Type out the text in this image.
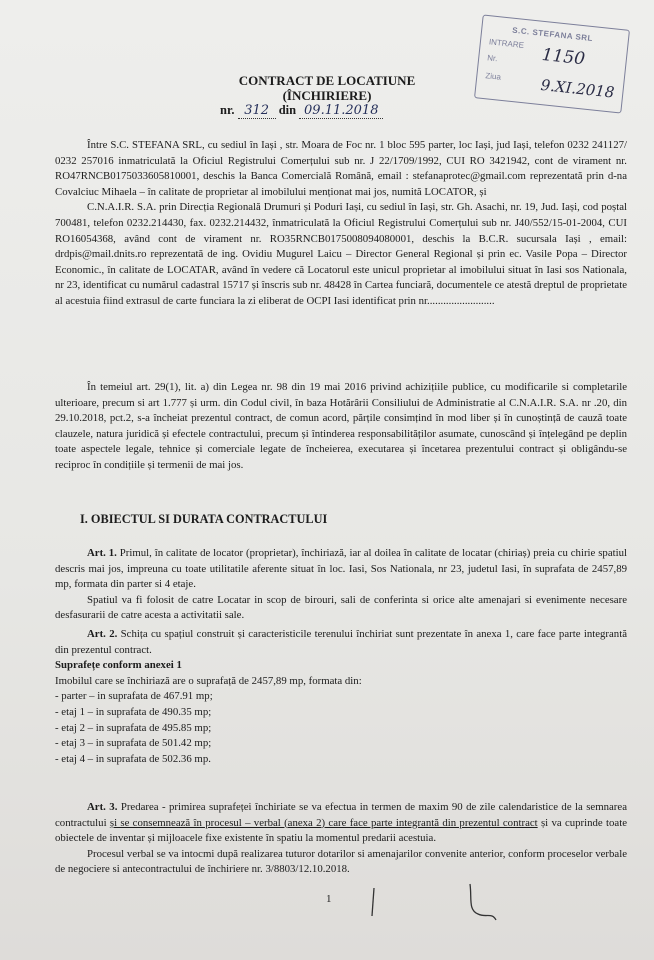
S.C. STEFANA SRL
INTRARE
Nr.
Ziua
1150
9.XI.2018
CONTRACT DE LOCATIUNE
(ÎNCHIRIERE)
nr. 312 din 09.11.2018

Între S.C. STEFANA SRL, cu sediul în Iași , str. Moara de Foc nr. 1 bloc 595 parter, loc Iași, jud Iași, telefon 0232 241127/ 0232 257016 inmatriculată la Oficiul Registrului Comerțului sub nr. J 22/1709/1992, CUI RO 3421942, cont de virament nr. RO47RNCB0175033605810001, deschis la Banca Comercială Română, email : stefanaprotec@gmail.com reprezentată prin d-na Covalciuc Mihaela – în calitate de proprietar al imobilului menționat mai jos, numită LOCATOR, și

C.N.A.I.R. S.A. prin Direcția Regională Drumuri și Poduri Iași, cu sediul în Iași, str. Gh. Asachi, nr. 19, Jud. Iași, cod poștal 700481, telefon 0232.214430, fax. 0232.214432, înmatriculată la Oficiul Registrului Comerțului sub nr. J40/552/15-01-2004, CUI RO16054368, având cont de virament nr. RO35RNCB0175008094080001, deschis la B.C.R. sucursala Iași , email: drdpis@mail.dnits.ro reprezentată de ing. Ovidiu Mugurel Laicu – Director General Regional și prin ec. Vasile Popa – Director Economic., în calitate de LOCATAR, având în vedere că Locatorul este unicul proprietar al imobilului situat în Iasi sos Nationala, nr 23, identificat cu numărul cadastral 15717 și înscris sub nr. 48428 în Cartea funciară, documentele ce atestă dreptul de proprietate al acestuia fiind extrasul de carte funciara la zi eliberat de OCPI Iasi identificat prin nr.........................

În temeiul art. 29(1), lit. a) din Legea nr. 98 din 19 mai 2016 privind achizițiile publice, cu modificarile si completarile ulterioare, precum si art 1.777 și urm. din Codul civil, în baza Hotărârii Consiliului de Administratie al C.N.A.I.R. S.A. nr .20, din 29.10.2018, pct.2, s-a încheiat prezentul contract, de comun acord, părțile consimțind în mod liber și în cunoștință de cauză toate clauzele, natura juridică și efectele contractului, precum și întinderea responsabilităților asumate, cunoscând și înțelegând pe deplin toate aspectele legale, tehnice și comerciale legate de încheierea, executarea și încetarea prezentului contract și obligându-se reciproc în condițiile și termenii de mai jos.

I. OBIECTUL SI DURATA CONTRACTULUI

Art. 1. Primul, în calitate de locator (proprietar), închiriază, iar al doilea în calitate de locatar (chiriaș) preia cu chirie spatiul descris mai jos, impreuna cu toate utilitatile aferente situat în loc. Iasi, Sos Nationala, nr 23, judetul Iasi, în suprafata de 2457,89 mp, formata din parter si 4 etaje.

Spatiul va fi folosit de catre Locatar in scop de birouri, sali de conferinta si orice alte amenajari si evenimente necesare desfasurarii de catre acesta a activitatii sale.

Art. 2. Schița cu spațiul construit și caracteristicile terenului închiriat sunt prezentate în anexa 1, care face parte integrantă din prezentul contract.

Suprafețe conform anexei 1

Imobilul care se închiriază are o suprafață de 2457,89 mp, formata din:

- parter – in suprafata de 467.91 mp;
- etaj 1 – in suprafata de 490.35 mp;
- etaj 2 – in suprafata de 495.85 mp;
- etaj 3 – in suprafata de 501.42 mp;
- etaj 4 – in suprafata de 502.36 mp.

Art. 3. Predarea - primirea suprafeței închiriate se va efectua in termen de maxim 90 de zile calendaristice de la semnarea contractului și se consemnează în procesul – verbal (anexa 2) care face parte integrantă din prezentul contract și va cuprinde toate obiectele de inventar și mijloacele fixe existente în spatiu la momentul predarii acestuia.

Procesul verbal se va intocmi după realizarea tuturor dotarilor si amenajarilor convenite anterior, conform proceselor verbale de negociere si antecontractului de închiriere nr. 3/8803/12.10.2018.

1
